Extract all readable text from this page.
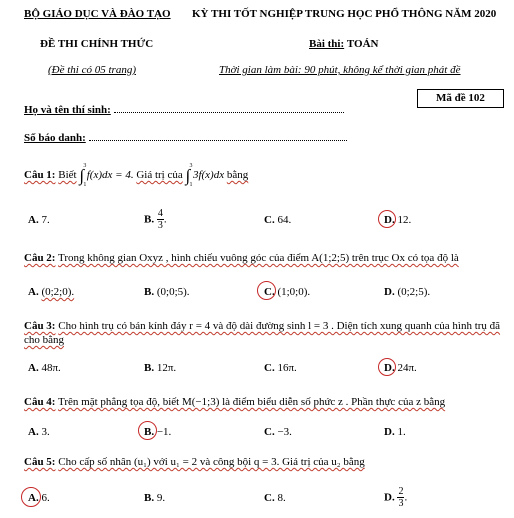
BỘ GIÁO DỤC VÀ ĐÀO TẠO KỲ THI TỐT NGHIỆP TRUNG HỌC PHỔ THÔNG NĂM 2020
ĐỀ THI CHÍNH THỨC	Bài thi: TOÁN
(Đề thi có 05 trang)	Thời gian làm bài: 90 phút, không kể thời gian phát đề
Mã đề 102
Họ và tên thí sinh:
Số báo danh:
Câu 1: Biết ∫ 3
1
f(x)dx = 4. Giá trị của ∫ 3
1
3f(x)dx bằng
A. 7.	B. $\frac{4}{3}$ .	C. 64.	D. 12.
Câu 2: Trong không gian Oxyz , hình chiếu vuông góc của điểm A(1;2;5) trên trục Ox có tọa độ là
A. (0;2;0).	B. (0;0;5).	C. (1;0;0).	D. (0;2;5).
Câu 3: Cho hình trụ có bán kính đáy r = 4 và độ dài đường sinh l = 3 . Diện tích xung quanh của hình trụ đã
cho bằng
A. 48π.	B. 12π.	C. 16π.	D. 24π.
Câu 4: Trên mặt phẳng tọa độ, biết M(−1;3) là điểm biểu diễn số phức z . Phần thực của z bằng
A. 3.	B. −1.	C. −3.	D. 1.
Câu 5: Cho cấp số nhân (u₁) với u₁ = 2 và công bội q = 3. Giá trị của u₂ bằng
A. 6.	B. 9.	C. 8.	D. $\frac{2}{3}$ .
